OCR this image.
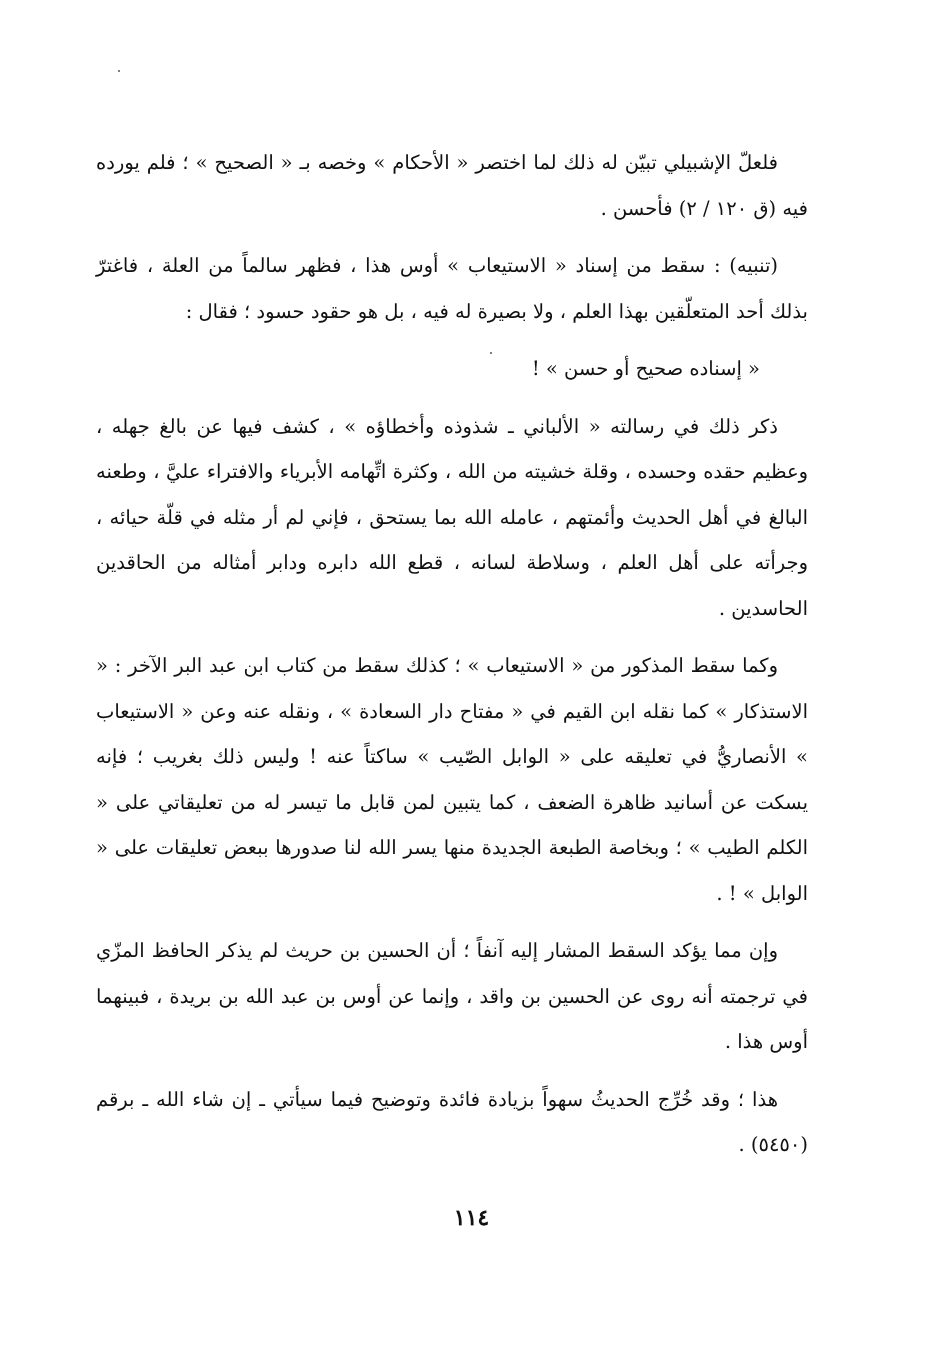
فلعلّ الإشبيلي تبيّن له ذلك لما اختصر « الأحكام » وخصه بـ « الصحيح » ؛ فلم يورده فيه (ق ١٢٠ / ٢) فأحسن .

(تنبيه) : سقط من إسناد « الاستيعاب » أوس هذا ، فظهر سالماً من العلة ، فاغترّ بذلك أحد المتعلّقين بهذا العلم ، ولا بصيرة له فيه ، بل هو حقود حسود ؛ فقال :

« إسناده صحيح أو حسن » !

ذكر ذلك في رسالته « الألباني ـ شذوذه وأخطاؤه » ، كشف فيها عن بالغ جهله ، وعظيم حقده وحسده ، وقلة خشيته من الله ، وكثرة اتِّهامه الأبرياء والافتراء عليَّ ، وطعنه البالغ في أهل الحديث وأئمتهم ، عامله الله بما يستحق ، فإني لم أر مثله في قلّة حيائه ، وجرأته على أهل العلم ، وسلاطة لسانه ، قطع الله دابره ودابر أمثاله من الحاقدين الحاسدين .

وكما سقط المذكور من « الاستيعاب » ؛ كذلك سقط من كتاب ابن عبد البر الآخر : « الاستذكار » كما نقله ابن القيم في « مفتاح دار السعادة » ، ونقله عنه وعن « الاستيعاب » الأنصاريُّ في تعليقه على « الوابل الصّيب » ساكتاً عنه ! وليس ذلك بغريب ؛ فإنه يسكت عن أسانيد ظاهرة الضعف ، كما يتبين لمن قابل ما تيسر له من تعليقاتي على « الكلم الطيب » ؛ وبخاصة الطبعة الجديدة منها يسر الله لنا صدورها ببعض تعليقات على « الوابل » ! .

وإن مما يؤكد السقط المشار إليه آنفاً ؛ أن الحسين بن حريث لم يذكر الحافظ المزّي في ترجمته أنه روى عن الحسين بن واقد ، وإنما عن أوس بن عبد الله بن بريدة ، فبينهما أوس هذا .

هذا ؛ وقد خُرِّج الحديثُ سهواً بزيادة فائدة وتوضيح فيما سيأتي ـ إن شاء الله ـ برقم (٥٤٥٠) .

١١٤
